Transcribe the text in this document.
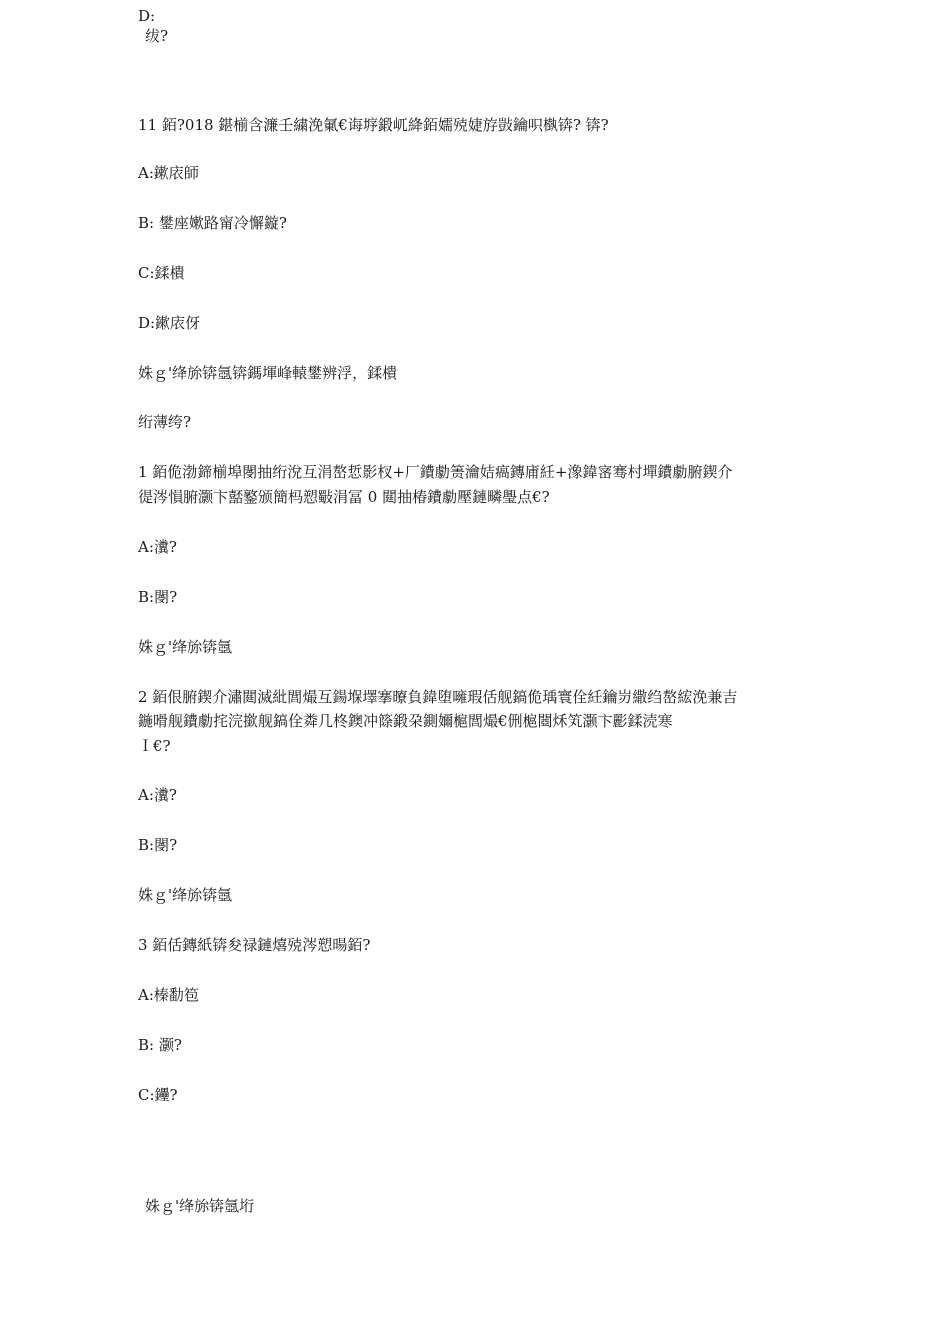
D:
绂?
11 銆?018 鍖椾含濂壬繍浼氭€诲垿鍛屼絳銆嬬殑婕斿敱鑰呮槸锛? 锛?
A:鏉庡師
B: 鐢座嫰路甯冷懈鏇?
C:鍒樻
D:鏉庡伢
姝ｇ'绛旀锛氬锛鎷堚峰轅鐢辨浮，鍒樻
绗薄绔?
1 銆佹渤鍗椾埠閿抽绗涗互涓嶅悊影杈+厂鐨勮箦瀹姞瘑鏄庯紝+潒鍏宻骞村墠鐨勮腑鍥介
徥涔愪腑灏卞嚭鐜颁簡杩愬斀涓冨 0 閮抽椿鐨勮壓鏈疄璺点€?
A:瀵?
B:閿?
姝ｇ'绛旀锛氬
2 銆佷腑鍥介潚閮滅紕閭熶互鍚堢墿搴曢負鍏堕噰瑕佸舰鎬佹瑀寰佺紝鑰岃繖绉嶅綋浼兼吉
鍦嗗舰鐨勮挓浣撳舰鎬佺粦几柊鐭冲篨鍛朶鍘嬭槴閭熶€侀槴閸秌笂灏卞彲鍒涜寒
Ｉ€?
A:瀵?
B:閿?
姝ｇ'绛旀锛氬
3 銆佸鏄紙锛夋禄鏈熺殑涔愬暘銆?
A:榛勫笣
B: 灏?
C:鑸?
姝ｇ'绛旀锛氬垳
